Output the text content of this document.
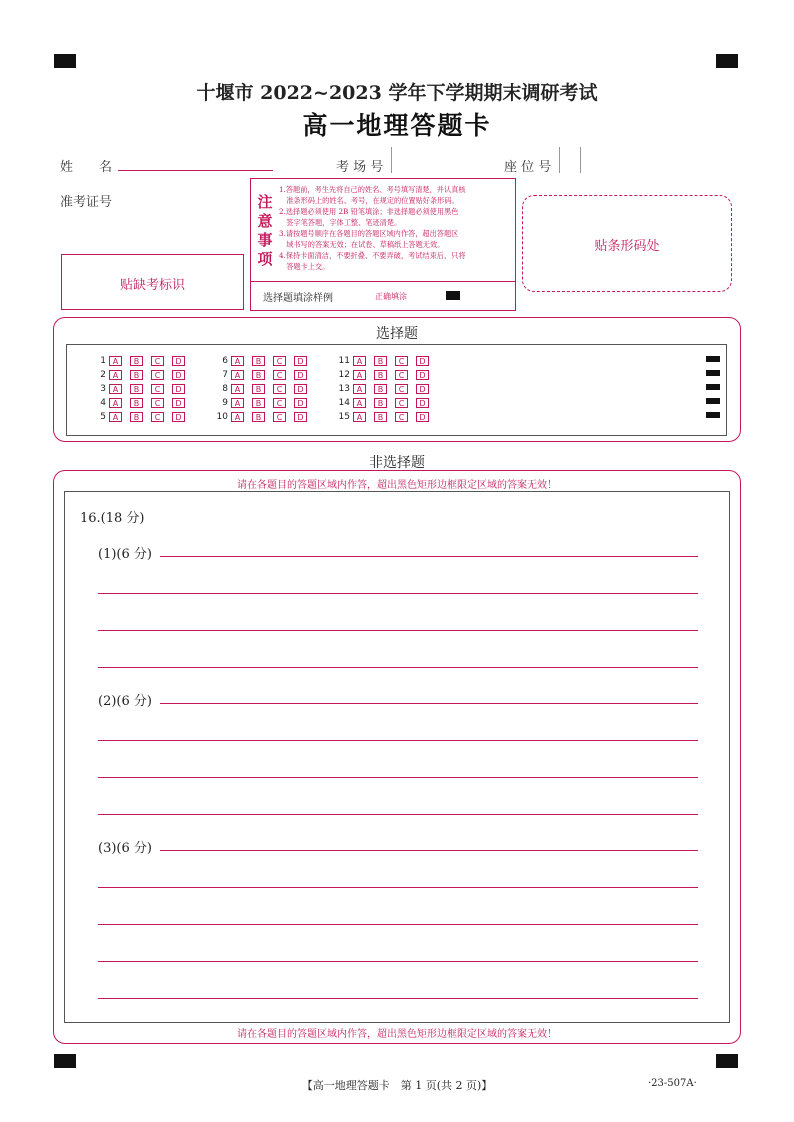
十堰市 2022~2023 学年下学期期末调研考试
高一地理答题卡
姓　　名	考 场 号	座 位 号
准考证号
贴缺考标识
注
意
事
项
1.答题前，考生先将自己的姓名、考号填写清楚，并认真核
　准条形码上的姓名、考号，在规定的位置贴好条形码。
2.选择题必须使用 2B 铅笔填涂；非选择题必须使用黑色
　签字笔答题，字体工整、笔迹清楚。
3.请按题号顺序在各题目的答题区域内作答，超出答题区
　域书写的答案无效；在试卷、草稿纸上答题无效。
4.保持卡面清洁，不要折叠、不要弄破，考试结束后，只将
　答题卡上交。
选择题填涂样例	正确填涂
贴条形码处
选择题
1 A	B	C	D
2 A	B	C	D
3 A	B	C	D
4 A	B	C	D
5 A	B	C	D
6 A	B	C	D
7 A	B	C	D
8 A	B	C	D
9 A	B	C	D
10 A	B	C	D
11 A	B	C	D
12 A	B	C	D
13 A	B	C	D
14 A	B	C	D
15 A	B	C	D
非选择题
请在各题目的答题区域内作答，超出黑色矩形边框限定区域的答案无效！
请在各题目的答题区域内作答，超出黑色矩形边框限定区域的答案无效！
16.(18 分)
(1)(6 分)
(2)(6 分)
(3)(6 分)
【高一地理答题卡　第 1 页(共 2 页)】	·23-507A·
